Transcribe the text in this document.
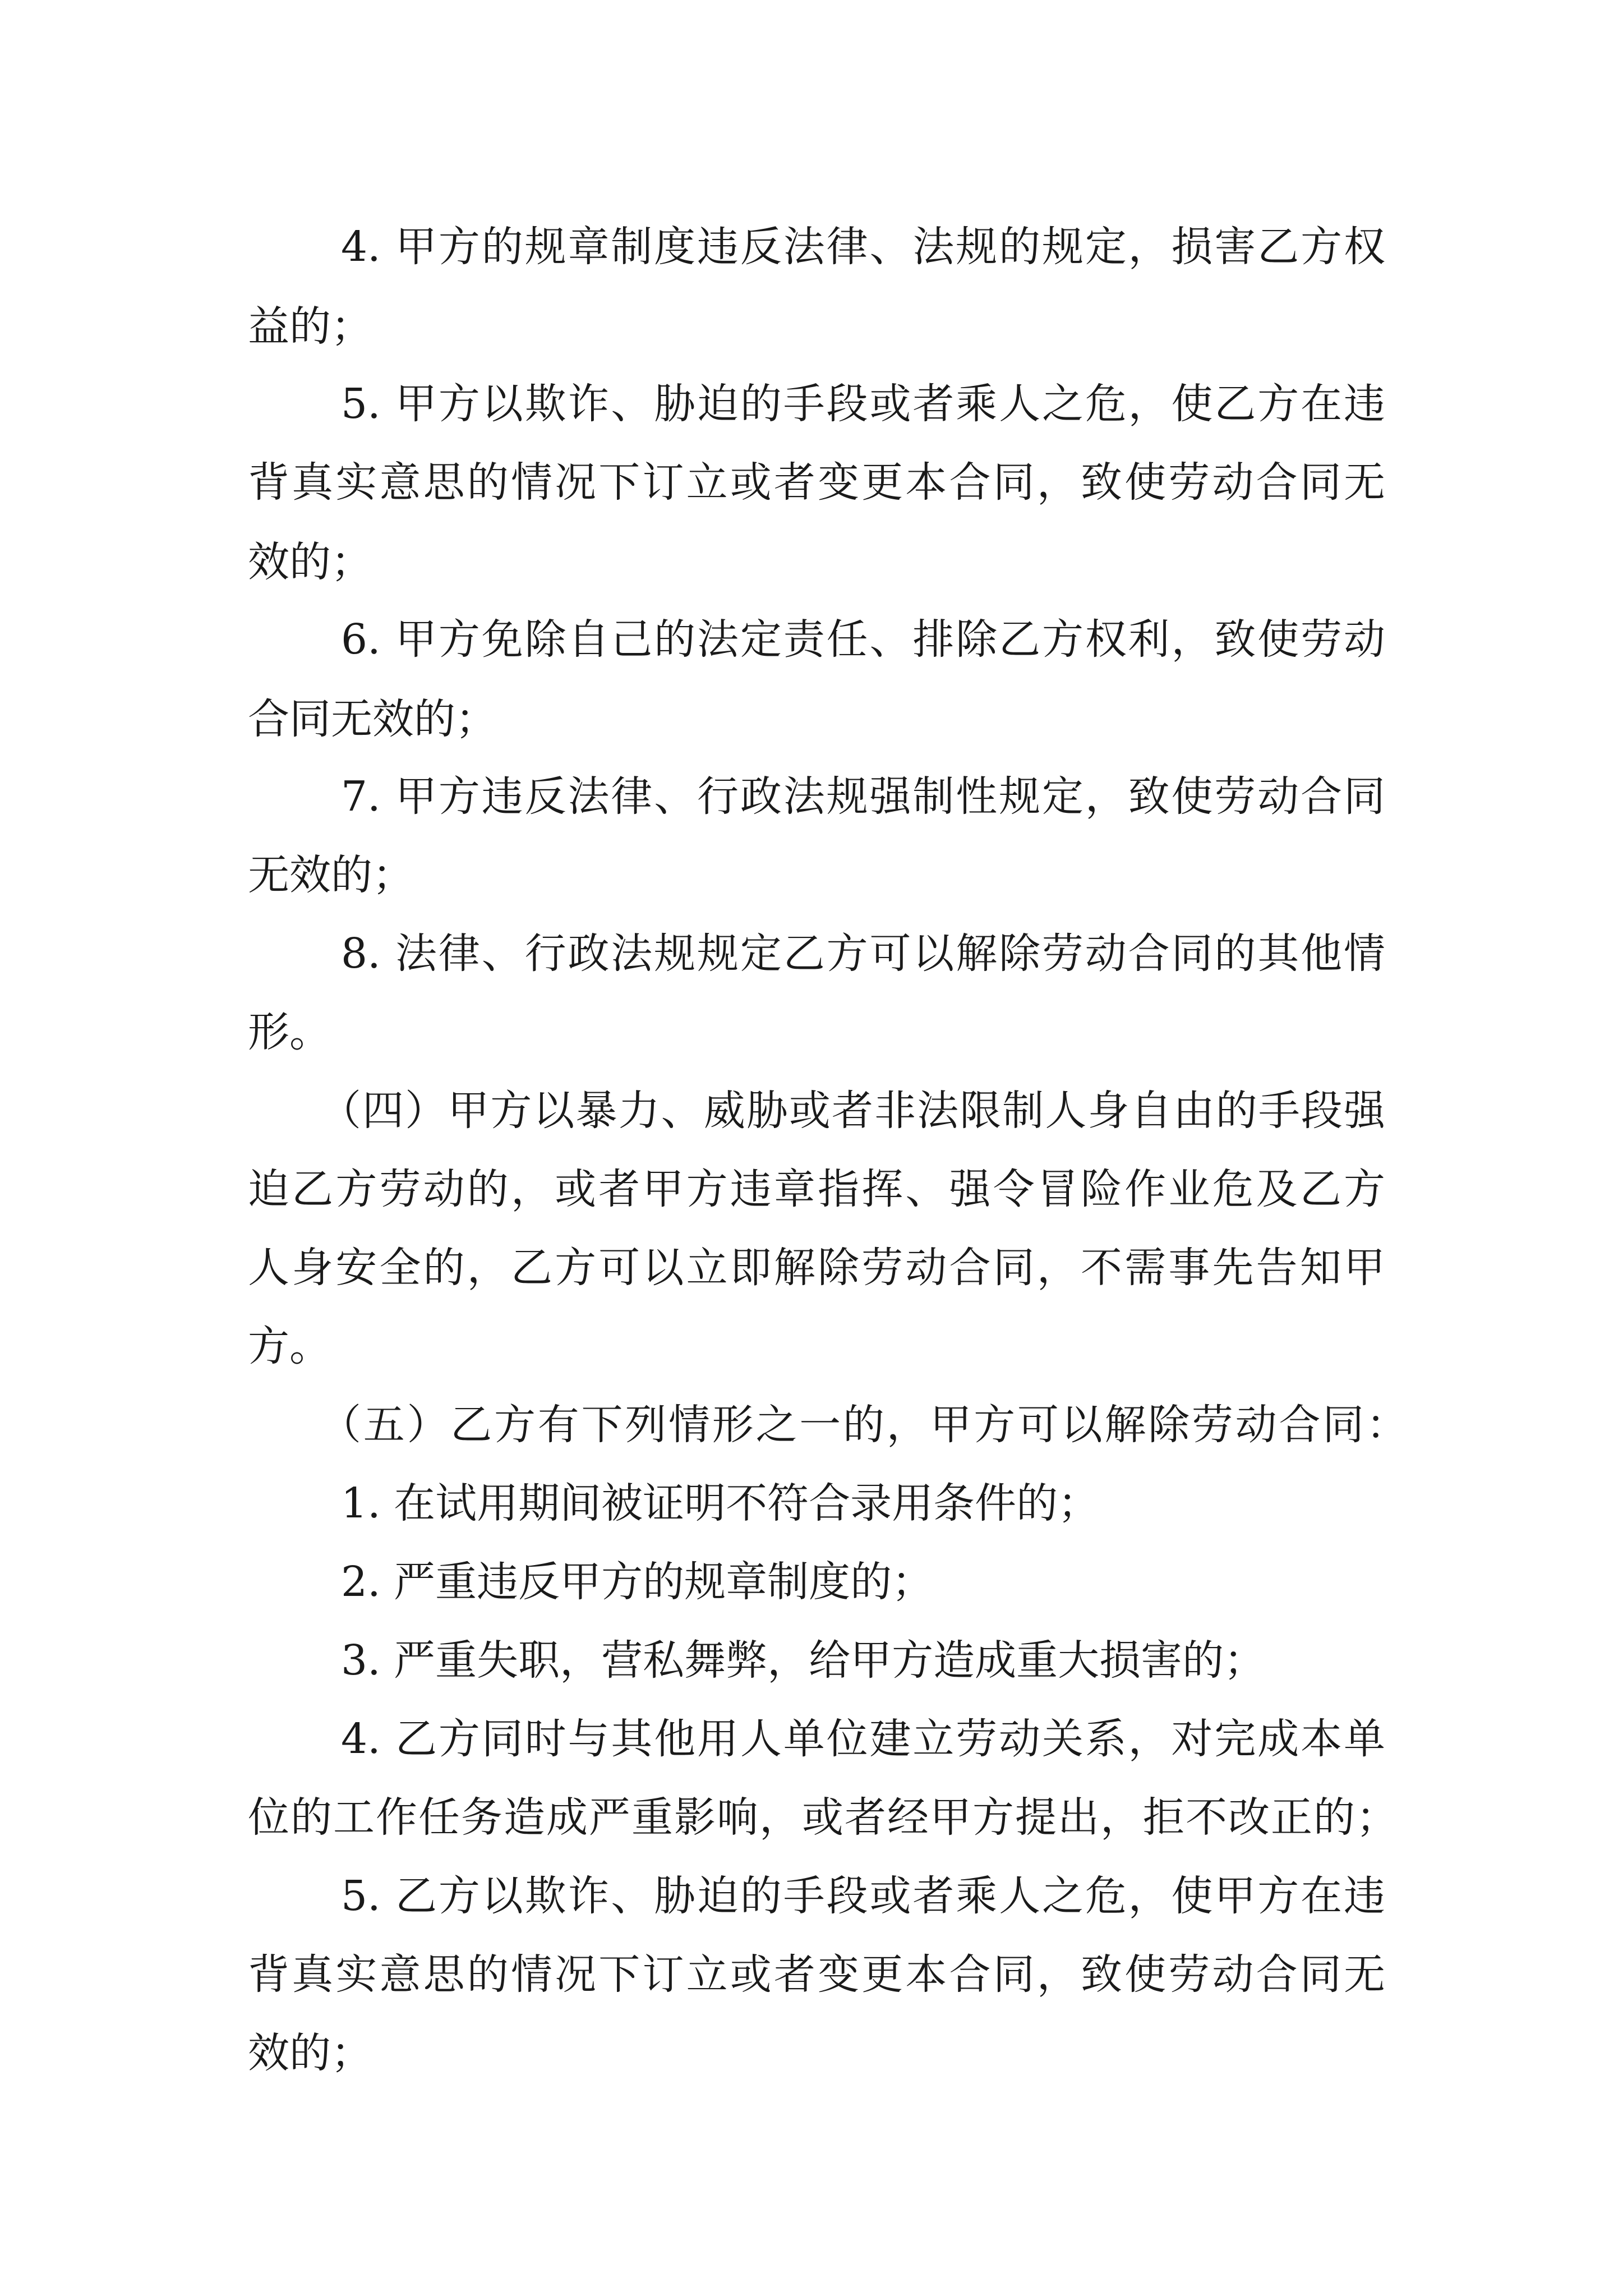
4. 甲方的规章制度违反法律、法规的规定，损害乙方权
益的；
5. 甲方以欺诈、胁迫的手段或者乘人之危，使乙方在违
背真实意思的情况下订立或者变更本合同，致使劳动合同无
效的；
6. 甲方免除自己的法定责任、排除乙方权利，致使劳动
合同无效的；
7. 甲方违反法律、行政法规强制性规定，致使劳动合同
无效的；
8. 法律、行政法规规定乙方可以解除劳动合同的其他情
形。
（四）甲方以暴力、威胁或者非法限制人身自由的手段强
迫乙方劳动的，或者甲方违章指挥、强令冒险作业危及乙方
人身安全的，乙方可以立即解除劳动合同，不需事先告知甲
方。
（五）乙方有下列情形之一的，甲方可以解除劳动合同：
1. 在试用期间被证明不符合录用条件的；
2. 严重违反甲方的规章制度的；
3. 严重失职，营私舞弊，给甲方造成重大损害的；
4. 乙方同时与其他用人单位建立劳动关系，对完成本单
位的工作任务造成严重影响，或者经甲方提出，拒不改正的；
5. 乙方以欺诈、胁迫的手段或者乘人之危，使甲方在违
背真实意思的情况下订立或者变更本合同，致使劳动合同无
效的；
